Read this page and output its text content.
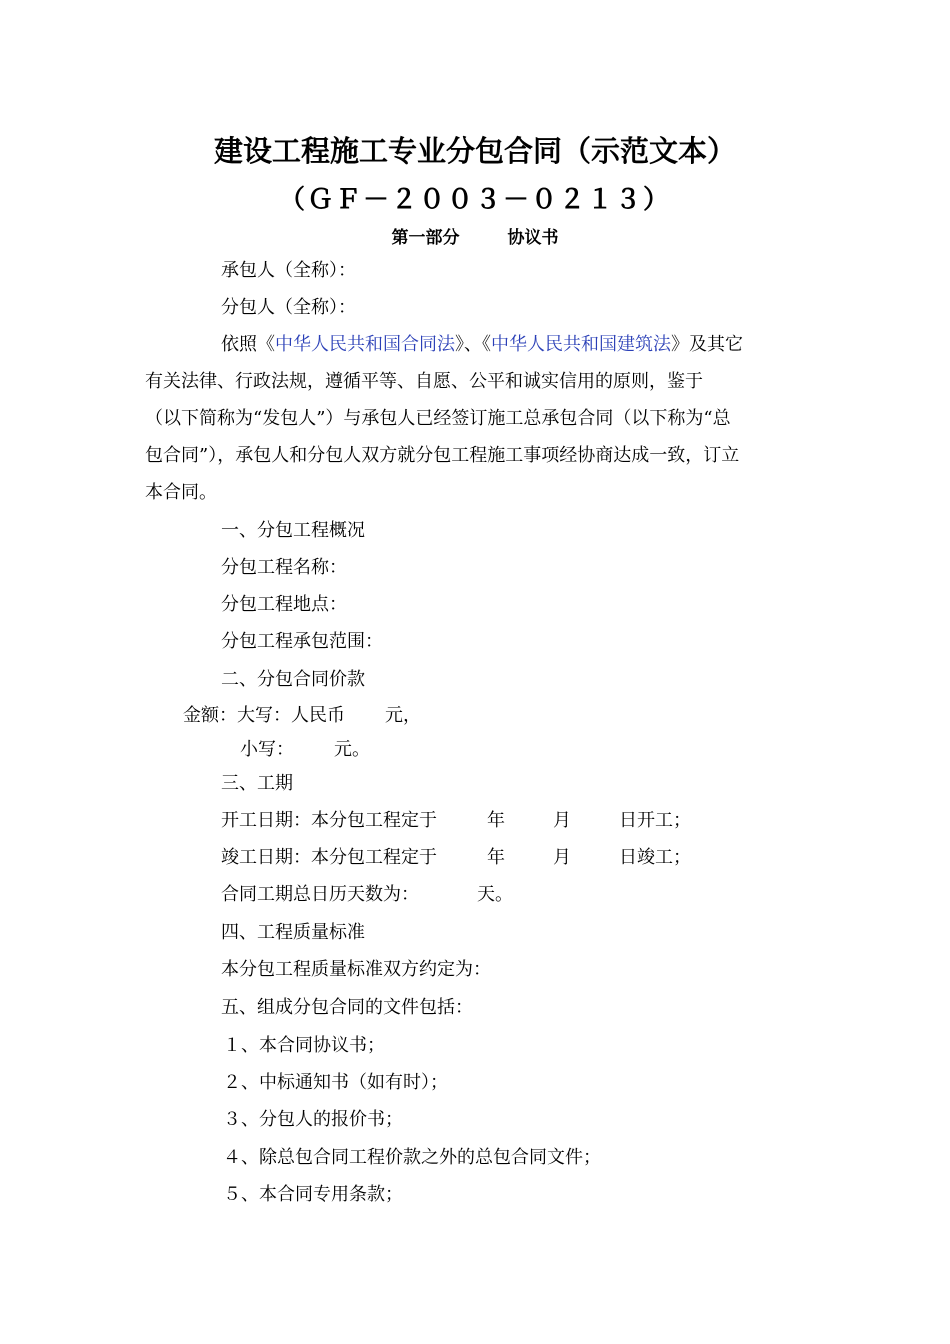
建设工程施工专业分包合同（示范文本）
（ＧＦ－２００３－０２１３）
第一部分	协议书
承包人（全称）：
分包人（全称）：
依照《中华人民共和国合同法》、《中华人民共和国建筑法》及其它
有关法律、行政法规，遵循平等、自愿、公平和诚实信用的原则，鉴于
（以下简称为“发包人”）与承包人已经签订施工总承包合同（以下称为“总
包合同”），承包人和分包人双方就分包工程施工事项经协商达成一致，订立
本合同。
一、分包工程概况
分包工程名称：
分包工程地点：
分包工程承包范围：
二、分包合同价款
金额：大写：人民币 元，
小写： 元。
三、工期
开工日期：本分包工程定于	年	月	日开工；
竣工日期：本分包工程定于	年	月	日竣工；
合同工期总日历天数为：	天。
四、工程质量标准
本分包工程质量标准双方约定为：
五、组成分包合同的文件包括：
１、本合同协议书；
２、中标通知书（如有时）；
３、分包人的报价书；
４、除总包合同工程价款之外的总包合同文件；
５、本合同专用条款；
